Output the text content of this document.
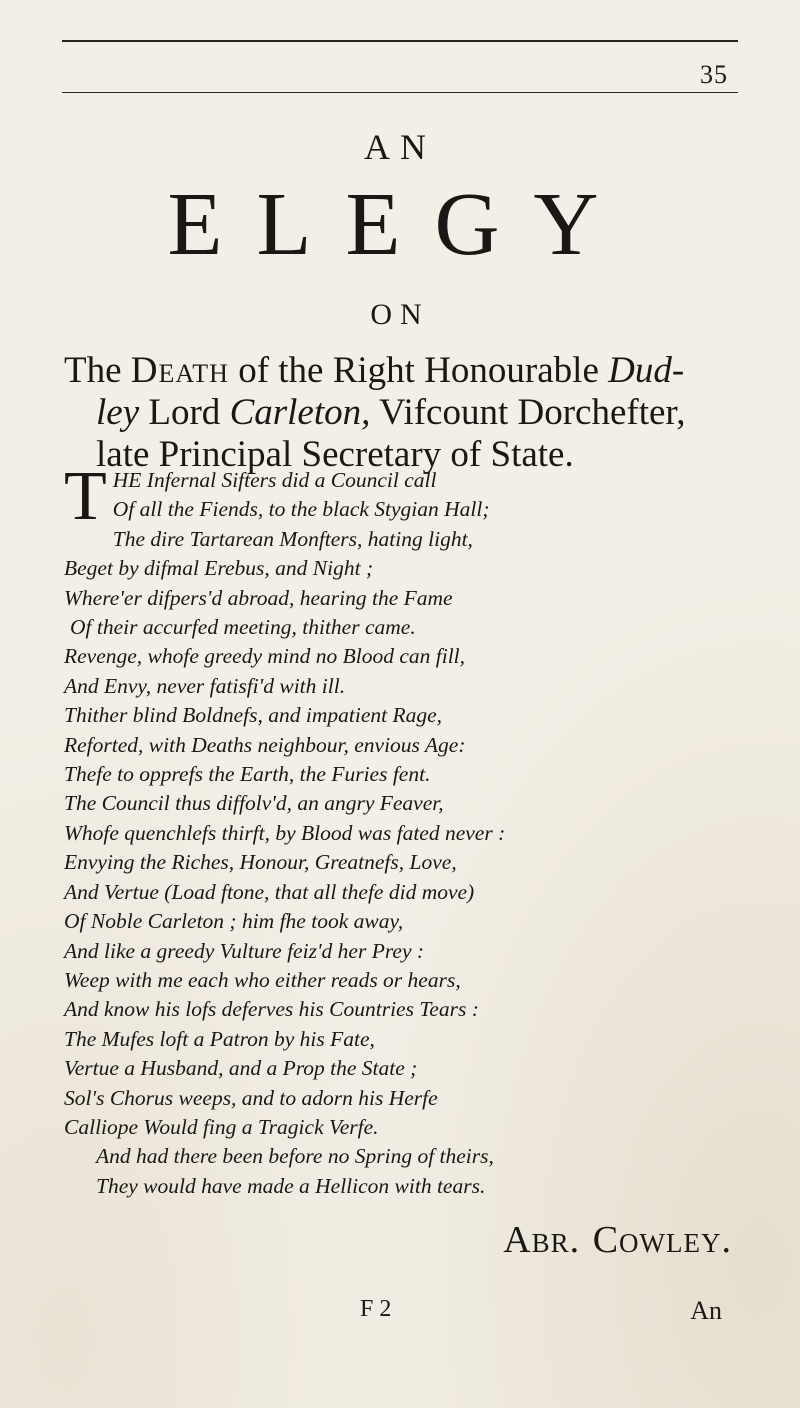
35
AN
ELEGY
ON
The Death of the Right Honourable Dud-
ley Lord Carleton, Vifcount Dorchefter,
late Principal Secretary of State.
T HE Infernal Sifters did a Council call
Of all the Fiends, to the black Stygian Hall;
The dire Tartarean Monfters, hating light,
Beget by difmal Erebus, and Night ;
Where'er difpers'd abroad, hearing the Fame
Of their accurfed meeting, thither came.
Revenge, whofe greedy mind no Blood can fill,
And Envy, never fatisfi'd with ill.
Thither blind Boldnefs, and impatient Rage,
Reforted, with Deaths neighbour, envious Age:
Thefe to opprefs the Earth, the Furies fent.
The Council thus diffolv'd, an angry Feaver,
Whofe quenchlefs thirft, by Blood was fated never :
Envying the Riches, Honour, Greatnefs, Love,
And Vertue (Load ftone, that all thefe did move)
Of Noble Carleton ; him fhe took away,
And like a greedy Vulture feiz'd her Prey :
Weep with me each who either reads or hears,
And know his lofs deferves his Countries Tears :
The Mufes loft a Patron by his Fate,
Vertue a Husband, and a Prop the State ;
Sol's Chorus weeps, and to adorn his Herfe
Calliope Would fing a Tragick Verfe.
And had there been before no Spring of theirs,
They would have made a Hellicon with tears.
Abr. Cowley.
F 2	An
